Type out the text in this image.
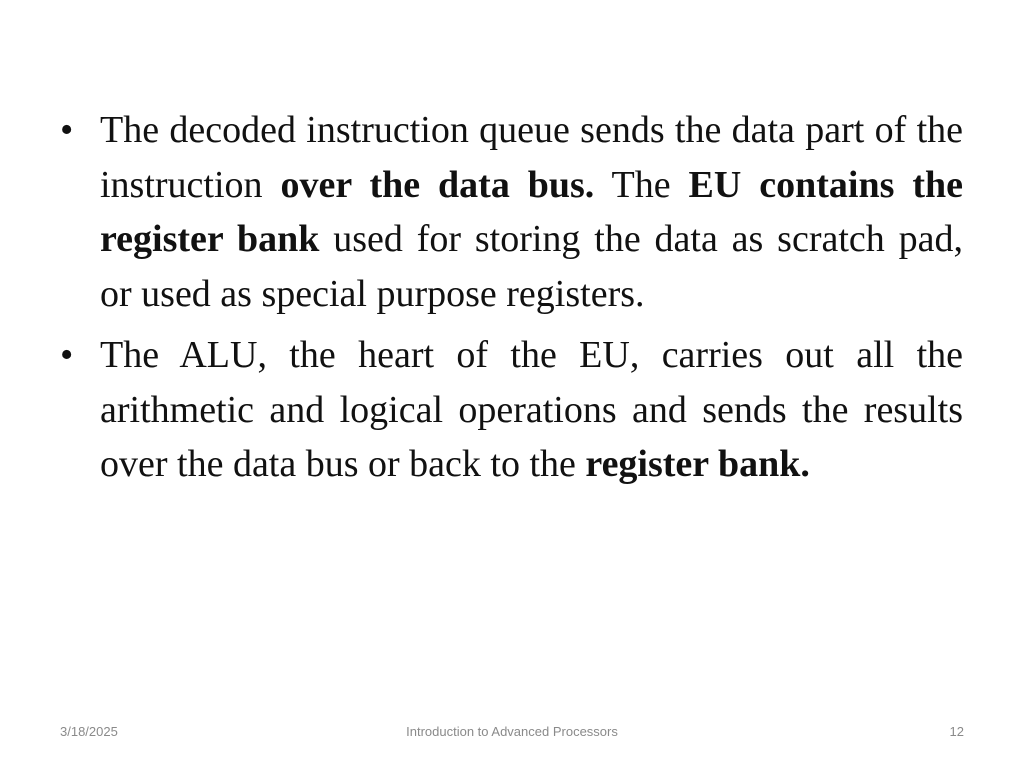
• The decoded instruction queue sends the data part of the instruction over the data bus. The EU contains the register bank used for storing the data as scratch pad, or used as special purpose registers.
• The ALU, the heart of the EU, carries out all the arithmetic and logical operations and sends the results over the data bus or back to the register bank.
3/18/2025	Introduction to Advanced Processors	12
